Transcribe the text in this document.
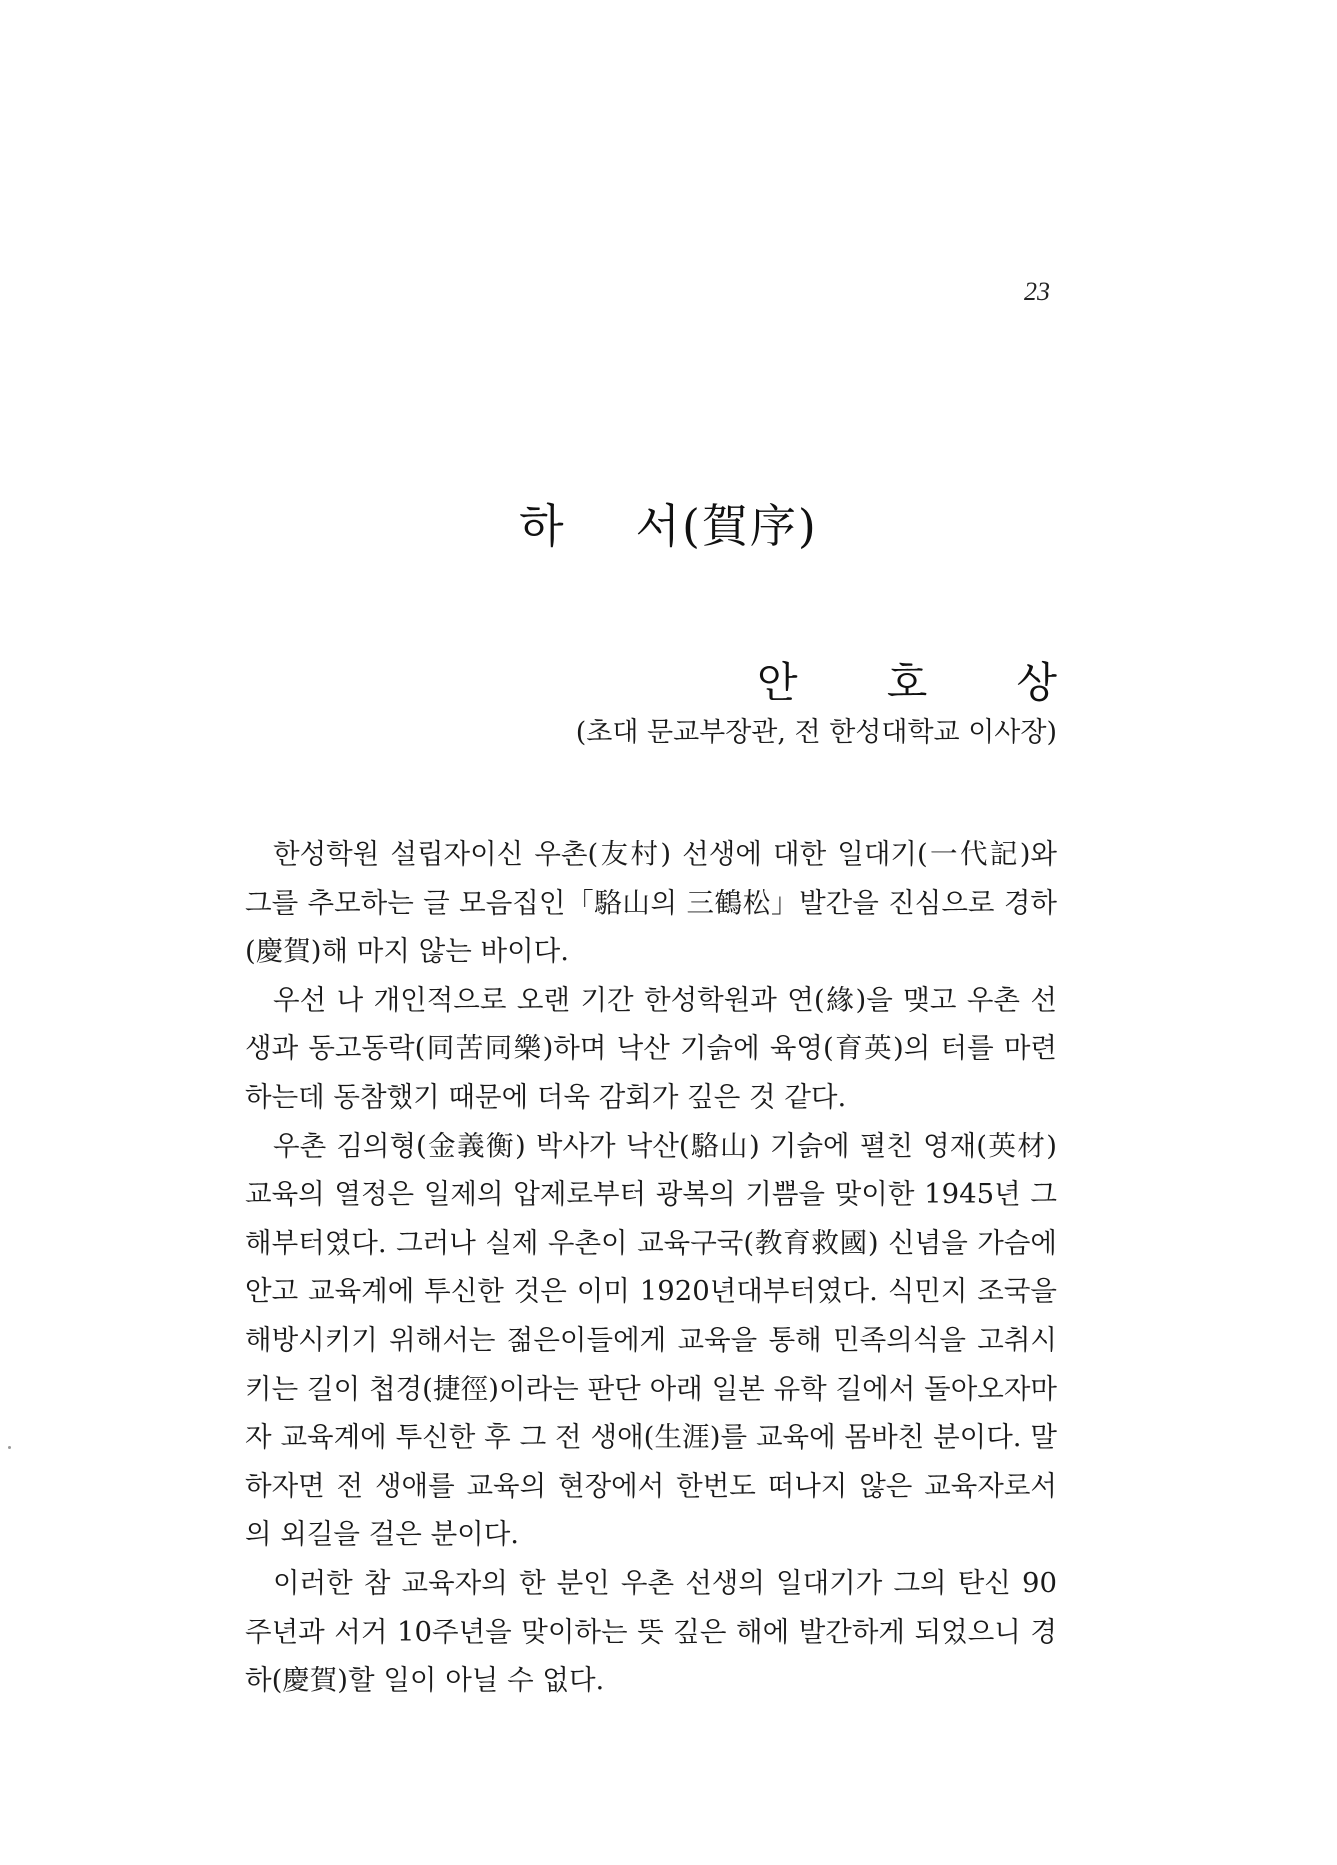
23
하 서(賀序)
안 호 상
(초대 문교부장관, 전 한성대학교 이사장)

한성학원 설립자이신 우촌(友村) 선생에 대한 일대기(一代記)와 그를 추모하는 글 모음집인「駱山의 三鶴松」발간을 진심으로 경하(慶賀)해 마지 않는 바이다.

우선 나 개인적으로 오랜 기간 한성학원과 연(緣)을 맺고 우촌 선생과 동고동락(同苦同樂)하며 낙산 기슭에 육영(育英)의 터를 마련하는데 동참했기 때문에 더욱 감회가 깊은 것 같다.

우촌 김의형(金義衡) 박사가 낙산(駱山) 기슭에 펼친 영재(英材) 교육의 열정은 일제의 압제로부터 광복의 기쁨을 맞이한 1945년 그 해부터였다. 그러나 실제 우촌이 교육구국(教育救國) 신념을 가슴에 안고 교육계에 투신한 것은 이미 1920년대부터였다. 식민지 조국을 해방시키기 위해서는 젊은이들에게 교육을 통해 민족의식을 고취시키는 길이 첩경(捷徑)이라는 판단 아래 일본 유학 길에서 돌아오자마자 교육계에 투신한 후 그 전 생애(生涯)를 교육에 몸바친 분이다. 말하자면 전 생애를 교육의 현장에서 한번도 떠나지 않은 교육자로서의 외길을 걸은 분이다.

이러한 참 교육자의 한 분인 우촌 선생의 일대기가 그의 탄신 90주년과 서거 10주년을 맞이하는 뜻 깊은 해에 발간하게 되었으니 경하(慶賀)할 일이 아닐 수 없다.
